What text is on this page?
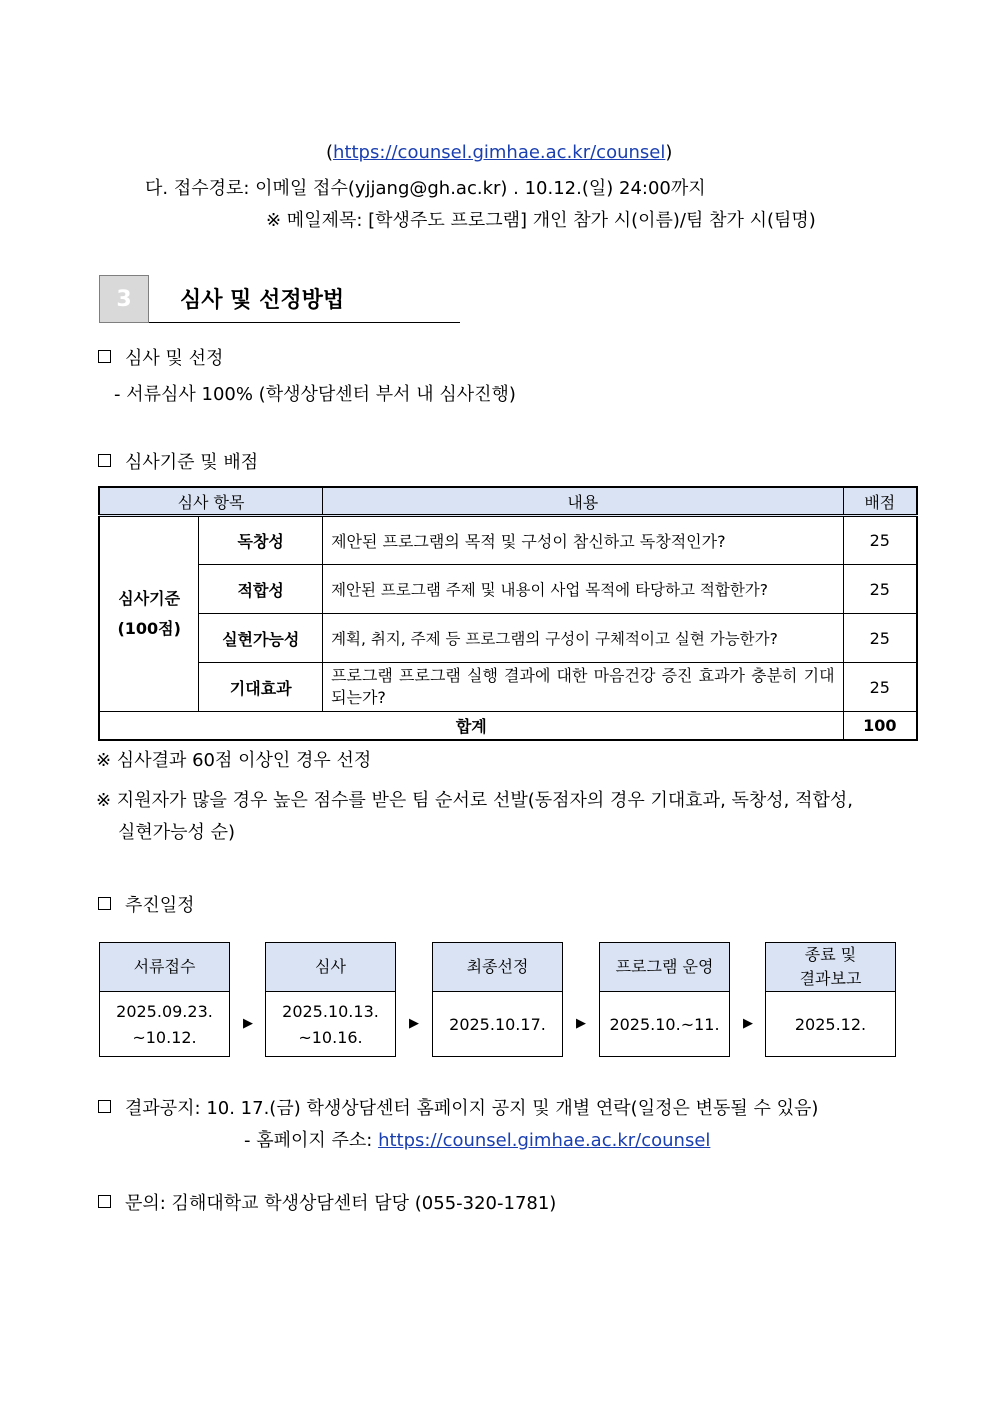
(https://counsel.gimhae.ac.kr/counsel)
다. 접수경로: 이메일 접수(yjjang@gh.ac.kr) . 10.12.(일) 24:00까지
※ 메일제목: [학생주도 프로그램] 개인 참가 시(이름)/팀 참가 시(팀명)
3	심사 및 선정방법
심사 및 선정
- 서류심사 100% (학생상담센터 부서 내 심사진행)
심사기준 및 배점
심사 항목		내용	배점
심사기준
(100점)	독창성	제안된 프로그램의 목적 및 구성이 참신하고 독창적인가?	25
	적합성	제안된 프로그램 주제 및 내용이 사업 목적에 타당하고 적합한가?	25
	실현가능성	계획, 취지, 주제 등 프로그램의 구성이 구체적이고 실현 가능한가?	25
	기대효과	프로그램 프로그램 실행 결과에 대한 마음건강 증진 효과가 충분히 기대되는가?	25
합계			100
※ 심사결과 60점 이상인 경우 선정
※ 지원자가 많을 경우 높은 점수를 받은 팀 순서로 선발(동점자의 경우 기대효과, 독창성, 적합성,
실현가능성 순)
추진일정
서류접수
2025.09.23.
~10.12.
▶
심사
2025.10.13.
~10.16.
▶
최종선정
2025.10.17.	▶
프로그램 운영
2025.10.~11.	▶
종료 및
결과보고
2025.12.
결과공지: 10. 17.(금) 학생상담센터 홈페이지 공지 및 개별 연락(일정은 변동될 수 있음)
- 홈페이지 주소: https://counsel.gimhae.ac.kr/counsel
문의: 김해대학교 학생상담센터 담당 (055-320-1781)
